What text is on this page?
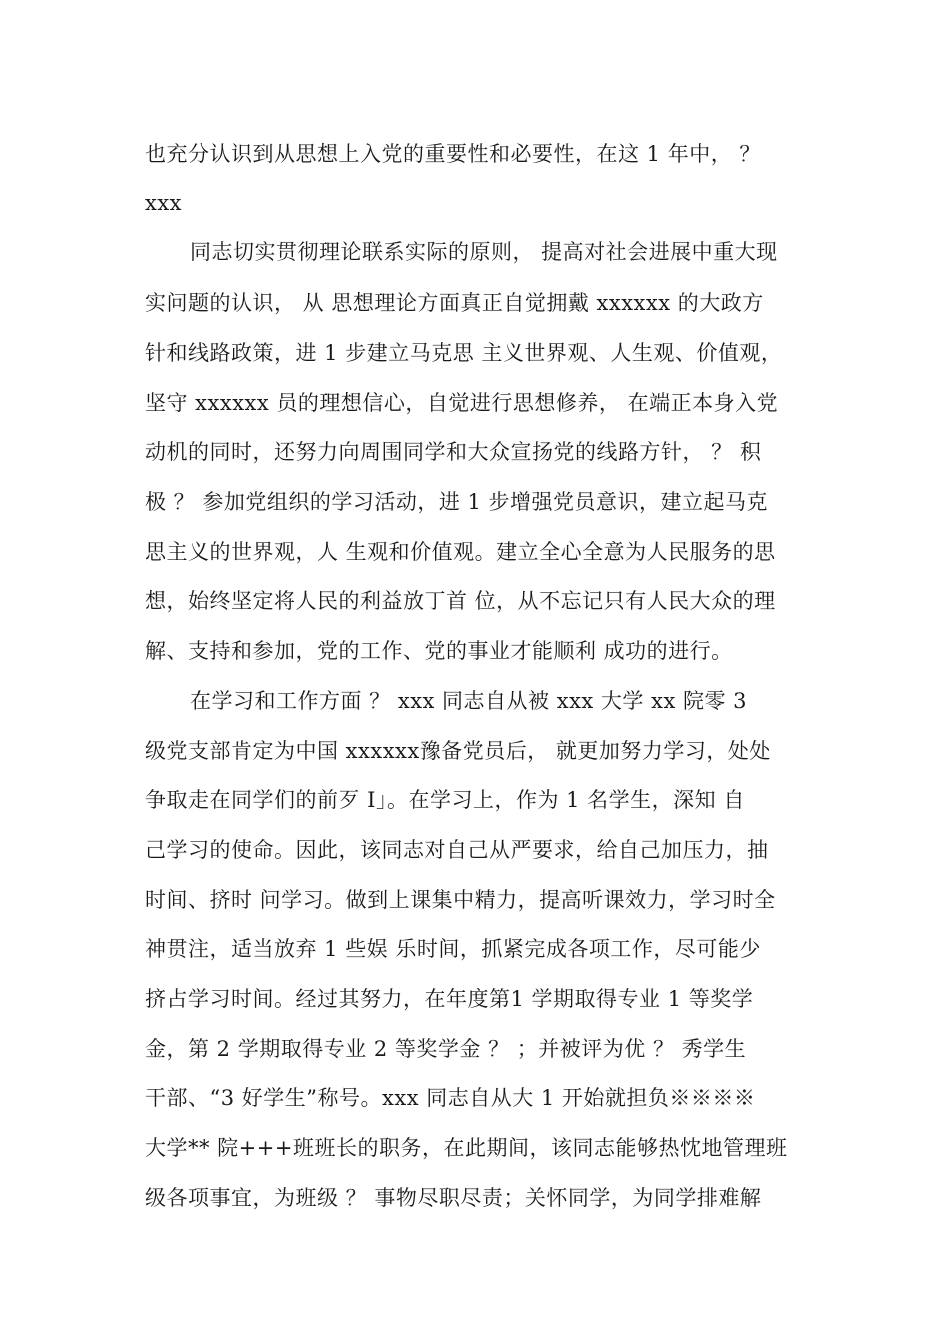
也充分认识到从思想上入党的重要性和必要性，在这 1 年中， ？
xxx
同志切实贯彻理论联系实际的原则， 提高对社会进展中重大现
实问题的认识， 从 思想理论方面真正自觉拥戴 xxxxxx 的大政方
针和线路政策，进 1 步建立马克思 主义世界观、人生观、价值观，
坚守 xxxxxx 员的理想信心，自觉进行思想修养， 在端正本身入党
动机的同时，还努力向周围同学和大众宣扬党的线路方针， ？ 积
极 ？ 参加党组织的学习活动，进 1 步增强党员意识，建立起马克
思主义的世界观，人 生观和价值观。建立全心全意为人民服务的思
想，始终坚定将人民的利益放丁首 位，从不忘记只有人民大众的理
解、支持和参加，党的工作、党的事业才能顺利 成功的进行。
在学习和工作方面 ？ xxx 同志自从被 xxx 大学 xx 院零 3
级党支部肯定为中国 xxxxxx豫备党员后， 就更加努力学习，处处
争取走在同学们的前歹 I」。在学习上，作为 1 名学生，深知 自
己学习的使命。因此，该同志对自己从严要求，给自己加压力，抽
时间、挤时 问学习。做到上课集中精力，提高听课效力，学习时全
神贯注，适当放弃 1 些娱 乐时间，抓紧完成各项工作，尽可能少
挤占学习时间。经过其努力，在年度第1 学期取得专业 1 等奖学
金，第 2 学期取得专业 2 等奖学金 ？ ；并被评为优 ？ 秀学生
干部、“3 好学生”称号。xxx 同志自从大 1 开始就担负※※※※
大学** 院+++班班长的职务，在此期间，该同志能够热忱地管理班
级各项事宜，为班级 ？ 事物尽职尽责；关怀同学，为同学排难解
